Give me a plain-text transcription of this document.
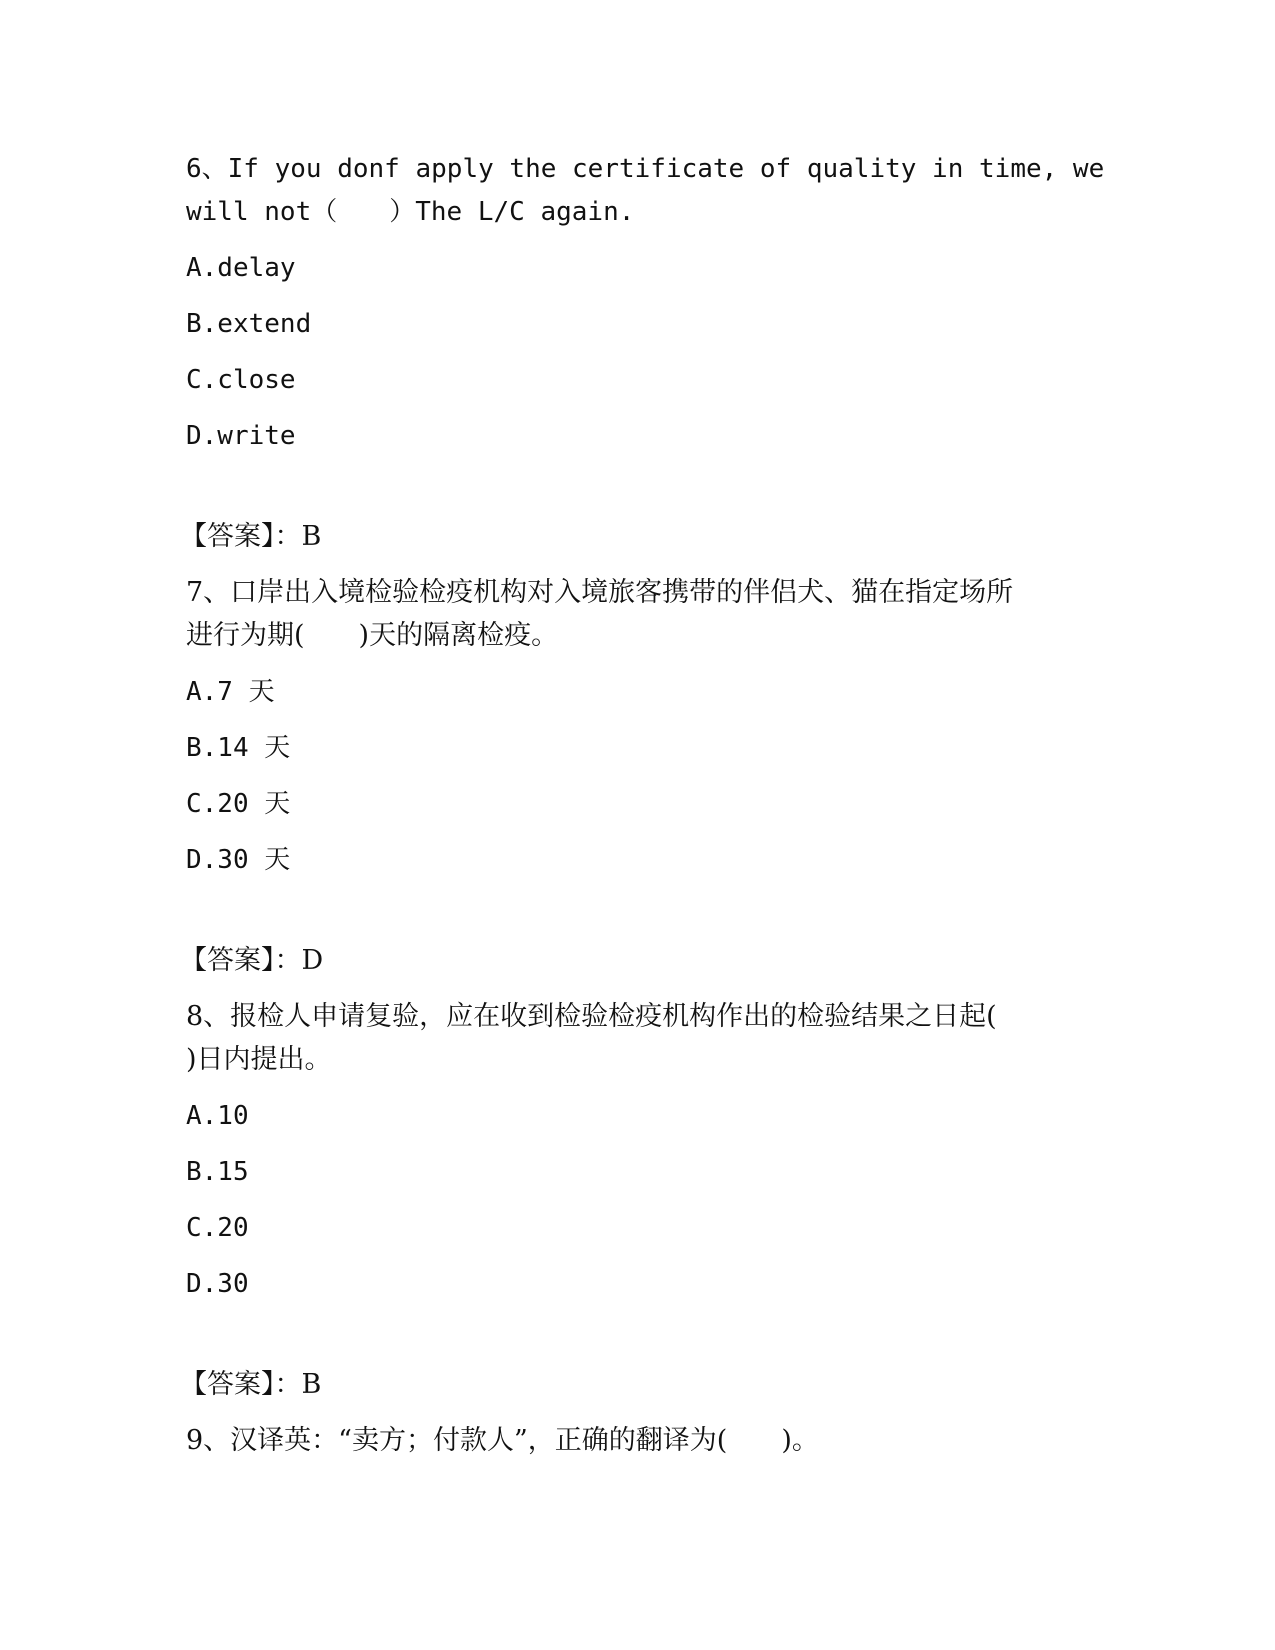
6、If you donf apply the certificate of quality in time, we
will not（　　）The L/C again.
A.delay
B.extend
C.close
D.write
【答案】：B
7、口岸出入境检验检疫机构对入境旅客携带的伴侣犬、猫在指定场所
进行为期(　　)天的隔离检疫。
A.7 天
B.14 天
C.20 天
D.30 天
【答案】：D
8、报检人申请复验，应在收到检验检疫机构作出的检验结果之日起(
)日内提出。
A.10
B.15
C.20
D.30
【答案】：B
9、汉译英：“卖方；付款人”，正确的翻译为(　　)。
